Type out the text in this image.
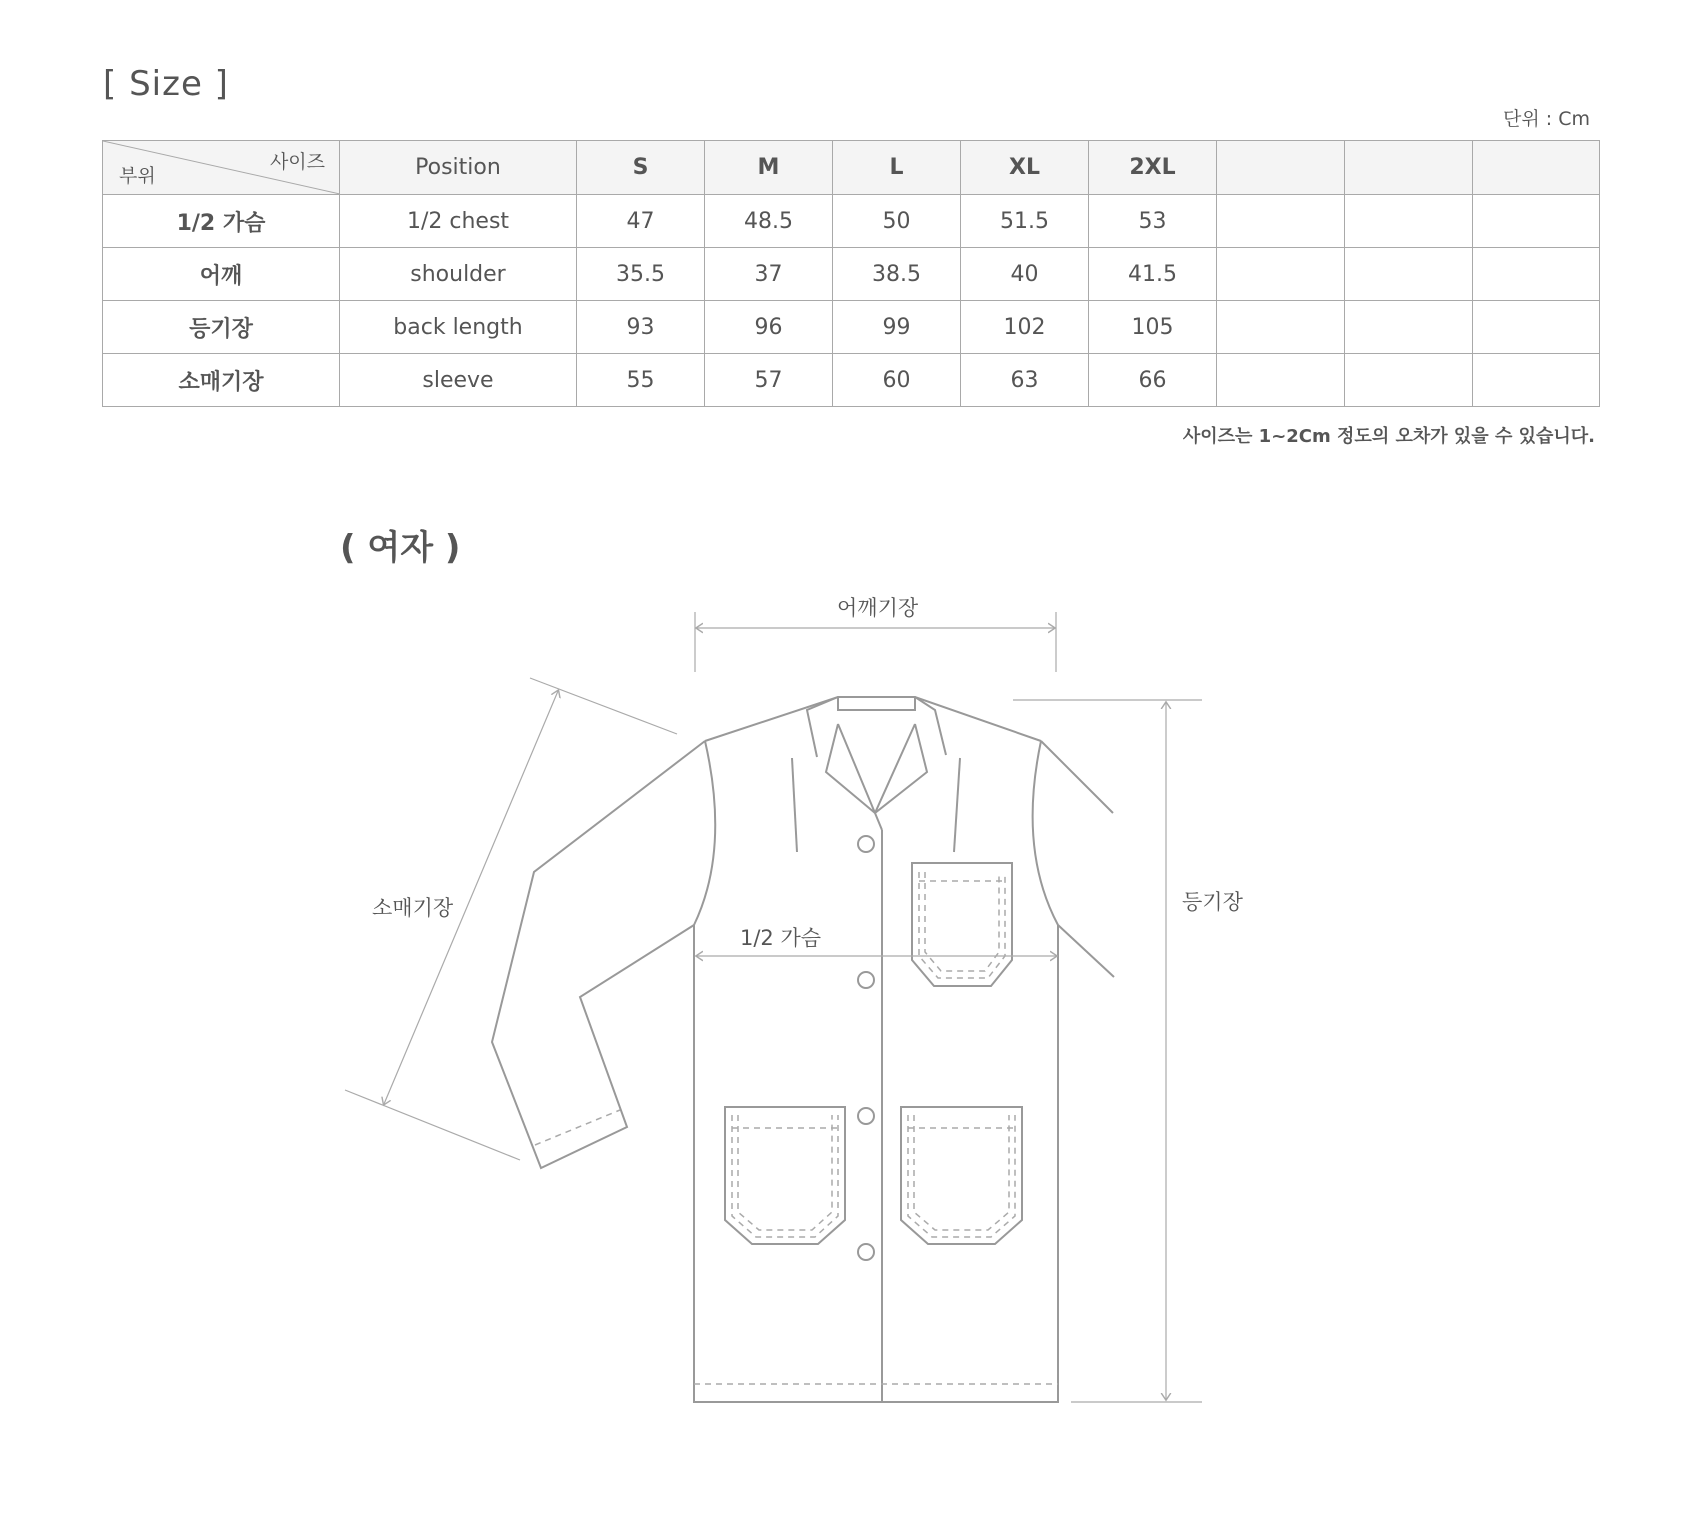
[ Size ]
단위 : Cm
사이즈
부위	Position	S	M	L	XL	2XL			
1/2 가슴	1/2 chest	47	48.5	50	51.5	53			
어깨	shoulder	35.5	37	38.5	40	41.5			
등기장	back length	93	96	99	102	105			
소매기장	sleeve	55	57	60	63	66			
사이즈는 1~2Cm 정도의 오차가 있을 수 있습니다.
( 여자 )
어깨기장
1/2 가슴
소매기장	등기장
